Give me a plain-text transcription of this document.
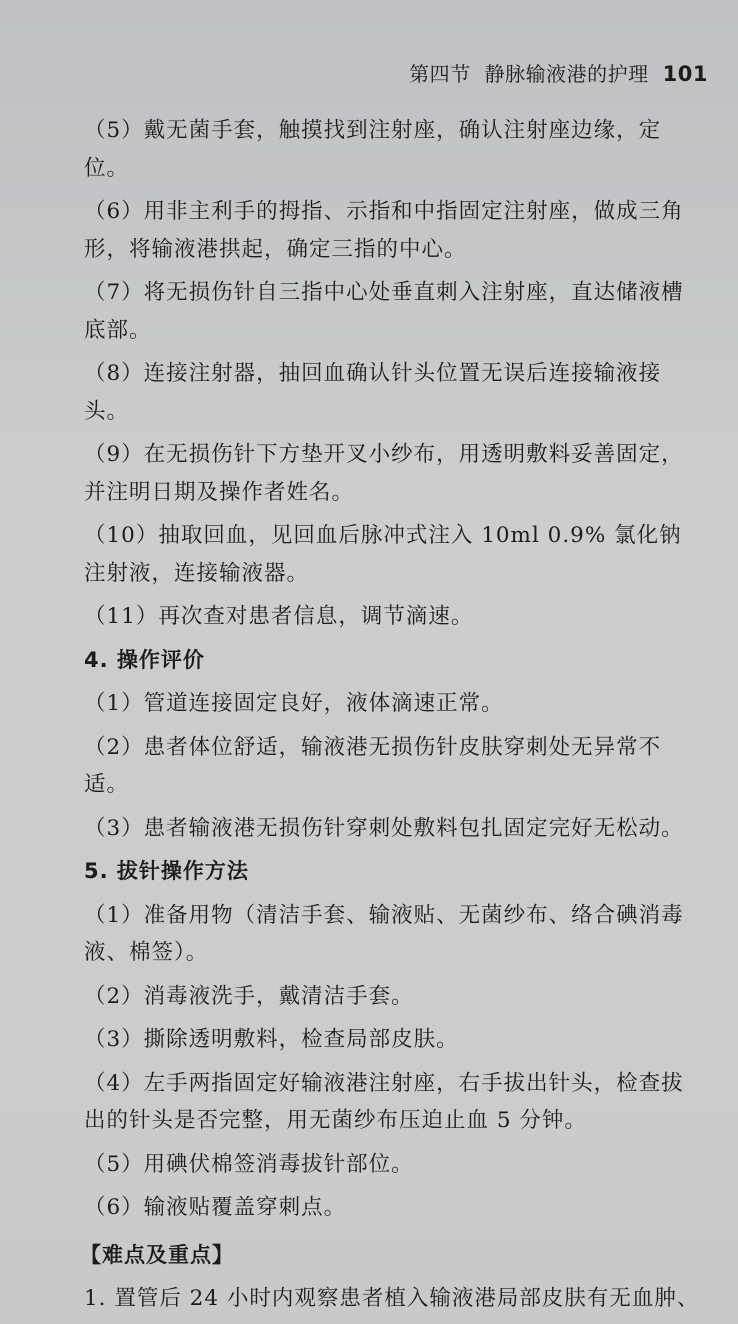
第四节 静脉输液港的护理 101

（5）戴无菌手套，触摸找到注射座，确认注射座边缘，定位。

（6）用非主利手的拇指、示指和中指固定注射座，做成三角形，将输液港拱起，确定三指的中心。

（7）将无损伤针自三指中心处垂直刺入注射座，直达储液槽底部。

（8）连接注射器，抽回血确认针头位置无误后连接输液接头。

（9）在无损伤针下方垫开叉小纱布，用透明敷料妥善固定，并注明日期及操作者姓名。

（10）抽取回血，见回血后脉冲式注入 10ml 0.9% 氯化钠注射液，连接输液器。

（11）再次查对患者信息，调节滴速。

4. 操作评价

（1）管道连接固定良好，液体滴速正常。

（2）患者体位舒适，输液港无损伤针皮肤穿刺处无异常不适。

（3）患者输液港无损伤针穿刺处敷料包扎固定完好无松动。

5. 拔针操作方法

（1）准备用物（清洁手套、输液贴、无菌纱布、络合碘消毒液、棉签）。

（2）消毒液洗手，戴清洁手套。

（3）撕除透明敷料，检查局部皮肤。

（4）左手两指固定好输液港注射座，右手拔出针头，检查拔出的针头是否完整，用无菌纱布压迫止血 5 分钟。

（5）用碘伏棉签消毒拔针部位。

（6）输液贴覆盖穿刺点。

【难点及重点】

1. 置管后 24 小时内观察患者植入输液港局部皮肤有无血肿、
